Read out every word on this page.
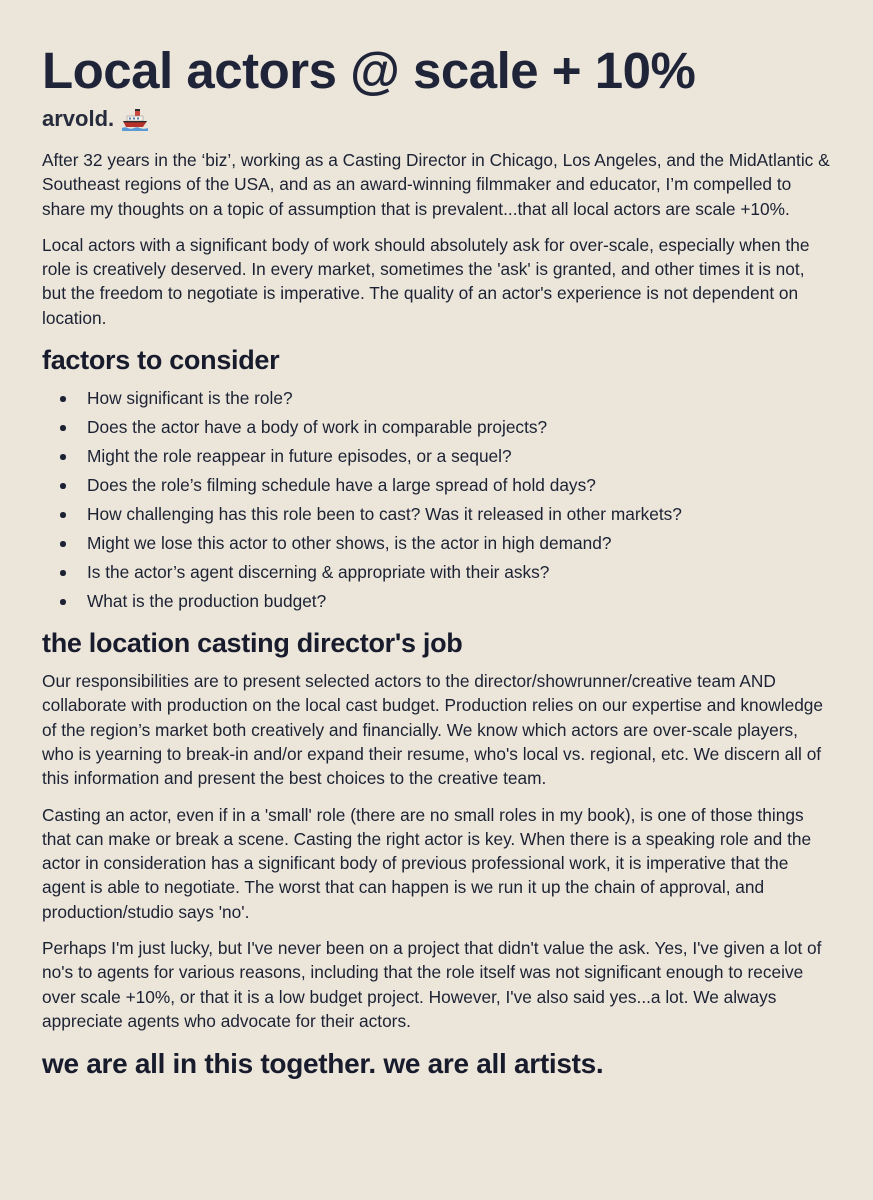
Local actors @ scale + 10%
arvold.

After 32 years in the ‘biz’, working as a Casting Director in Chicago, Los Angeles, and the MidAtlantic & Southeast regions of the USA, and as an award-winning filmmaker and educator, I’m compelled to share my thoughts on a topic of assumption that is prevalent...that all local actors are scale +10%.

Local actors with a significant body of work should absolutely ask for over-scale, especially when the role is creatively deserved. In every market, sometimes the 'ask' is granted, and other times it is not, but the freedom to negotiate is imperative. The quality of an actor's experience is not dependent on location.

factors to consider
How significant is the role?
Does the actor have a body of work in comparable projects?
Might the role reappear in future episodes, or a sequel?
Does the role’s filming schedule have a large spread of hold days?
How challenging has this role been to cast? Was it released in other markets?
Might we lose this actor to other shows, is the actor in high demand?
Is the actor’s agent discerning & appropriate with their asks?
What is the production budget?
the location casting director's job

Our responsibilities are to present selected actors to the director/showrunner/creative team AND collaborate with production on the local cast budget. Production relies on our expertise and knowledge of the region’s market both creatively and financially. We know which actors are over-scale players, who is yearning to break-in and/or expand their resume, who's local vs. regional, etc. We discern all of this information and present the best choices to the creative team.

Casting an actor, even if in a 'small' role (there are no small roles in my book), is one of those things that can make or break a scene. Casting the right actor is key. When there is a speaking role and the actor in consideration has a significant body of previous professional work, it is imperative that the agent is able to negotiate. The worst that can happen is we run it up the chain of approval, and production/studio says 'no'.

Perhaps I'm just lucky, but I've never been on a project that didn't value the ask. Yes, I've given a lot of no's to agents for various reasons, including that the role itself was not significant enough to receive over scale +10%, or that it is a low budget project. However, I've also said yes...a lot. We always appreciate agents who advocate for their actors.

we are all in this together. we are all artists.
